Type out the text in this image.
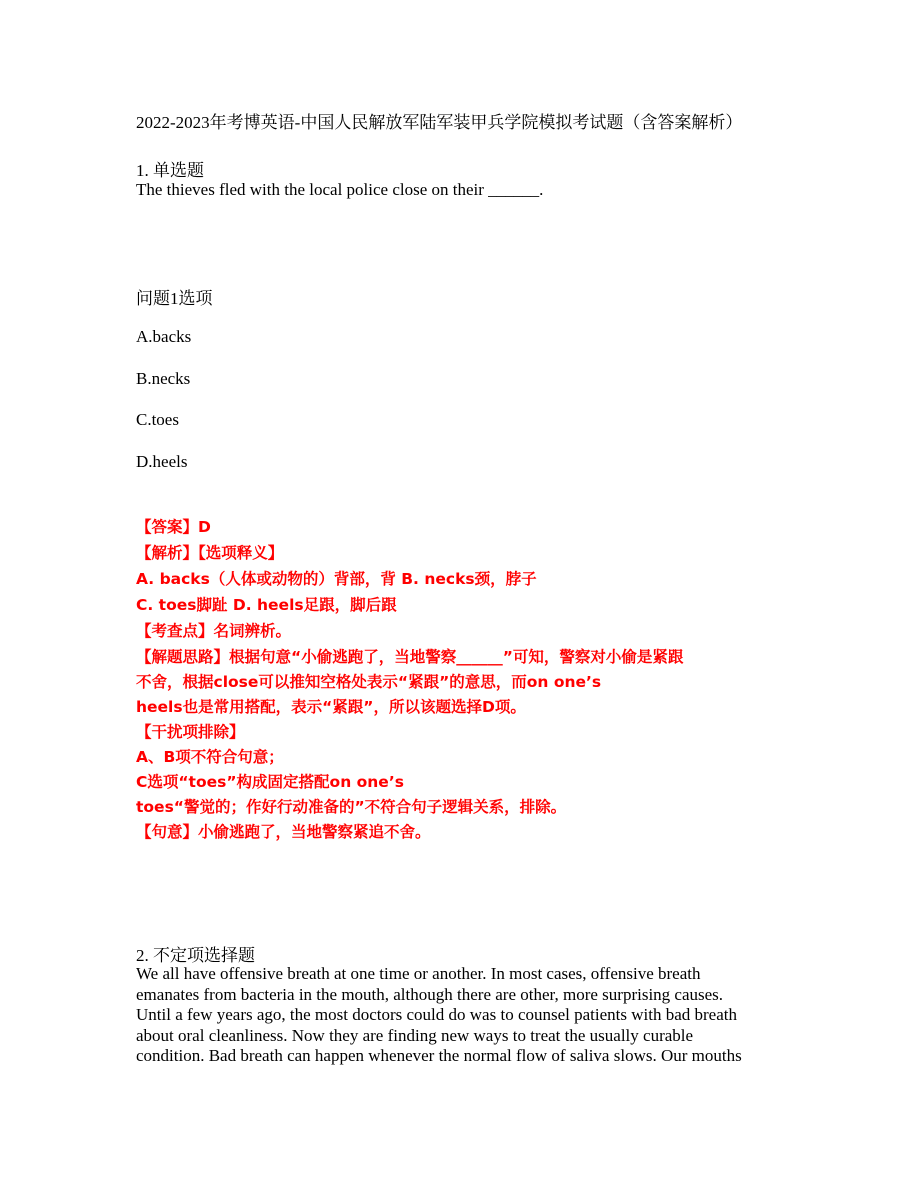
2022-2023年考博英语-中国人民解放军陆军装甲兵学院模拟考试题（含答案解析）
1. 单选题
The thieves fled with the local police close on their ______.
问题1选项
A.backs
B.necks
C.toes
D.heels
【答案】D
【解析】【选项释义】
A. backs（人体或动物的）背部，背 B. necks颈，脖子
C. toes脚趾 D. heels足跟，脚后跟
【考查点】名词辨析。
【解题思路】根据句意“小偷逃跑了，当地警察______”可知，警察对小偷是紧跟
不舍，根据close可以推知空格处表示“紧跟”的意思，而on one’s
heels也是常用搭配，表示“紧跟”，所以该题选择D项。
【干扰项排除】
A、B项不符合句意；
C选项“toes”构成固定搭配on one’s
toes“警觉的；作好行动准备的”不符合句子逻辑关系，排除。
【句意】小偷逃跑了，当地警察紧追不舍。
2. 不定项选择题
We all have offensive breath at one time or another. In most cases, offensive breath
emanates from bacteria in the mouth, although there are other, more surprising causes.
Until a few years ago, the most doctors could do was to counsel patients with bad breath
about oral cleanliness. Now they are finding new ways to treat the usually curable
condition. Bad breath can happen whenever the normal flow of saliva slows. Our mouths
